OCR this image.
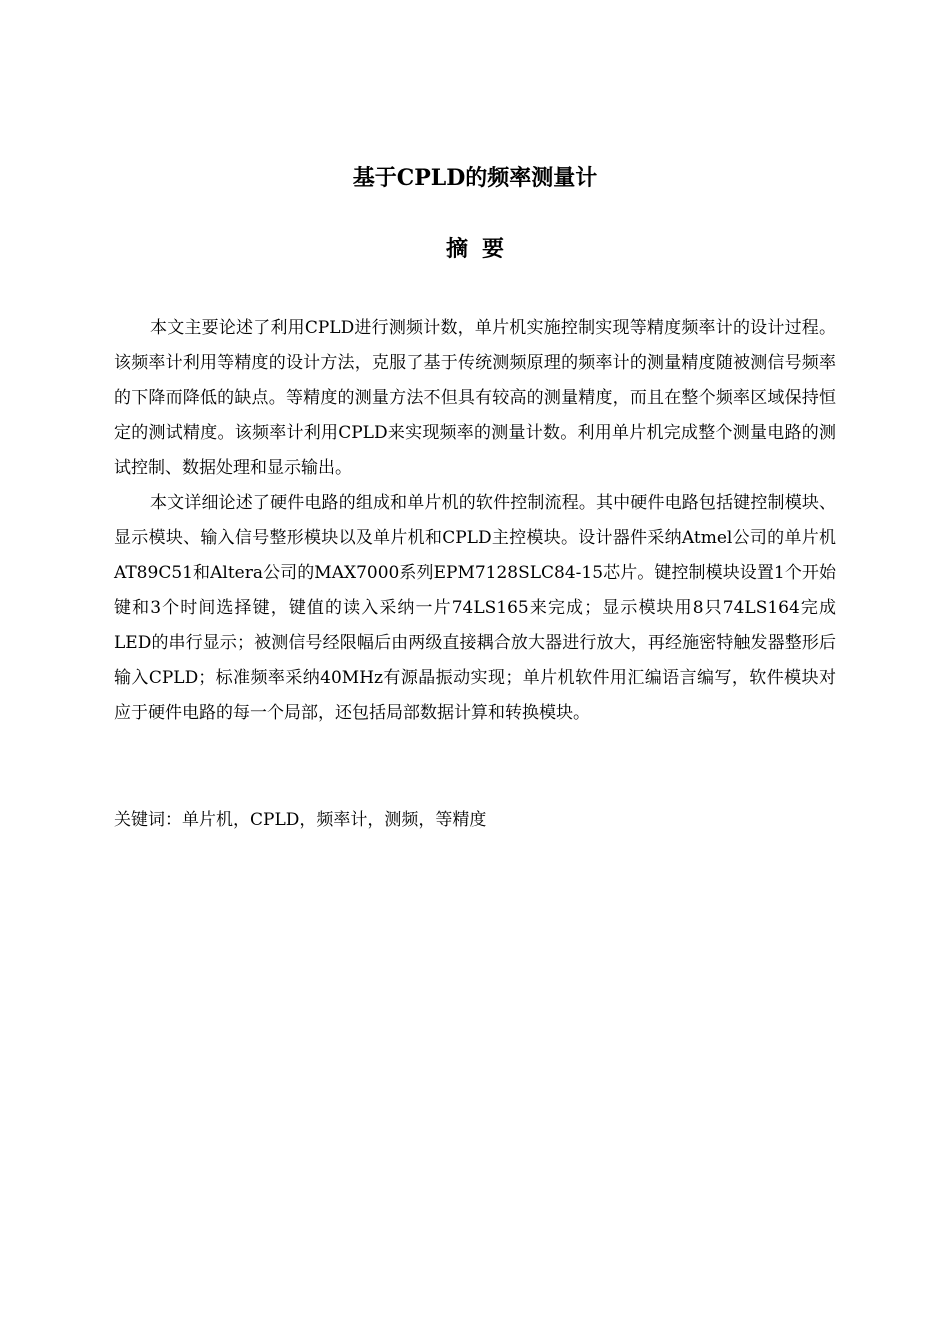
基于CPLD的频率测量计
摘要

本文主要论述了利用CPLD进行测频计数，单片机实施控制实现等精度频率计的设计过程。该频率计利用等精度的设计方法，克服了基于传统测频原理的频率计的测量精度随被测信号频率的下降而降低的缺点。等精度的测量方法不但具有较高的测量精度，而且在整个频率区域保持恒定的测试精度。该频率计利用CPLD来实现频率的测量计数。利用单片机完成整个测量电路的测试控制、数据处理和显示输出。

本文详细论述了硬件电路的组成和单片机的软件控制流程。其中硬件电路包括键控制模块、显示模块、输入信号整形模块以及单片机和CPLD主控模块。设计器件采纳Atmel公司的单片机AT89C51和Altera公司的MAX7000系列EPM7128SLC84-15芯片。键控制模块设置1个开始键和3个时间选择键，键值的读入采纳一片74LS165来完成；显示模块用8只74LS164完成LED的串行显示；被测信号经限幅后由两级直接耦合放大器进行放大，再经施密特触发器整形后输入CPLD；标准频率采纳40MHz有源晶振动实现；单片机软件用汇编语言编写，软件模块对应于硬件电路的每一个局部，还包括局部数据计算和转换模块。

关键词：单片机，CPLD，频率计，测频，等精度
